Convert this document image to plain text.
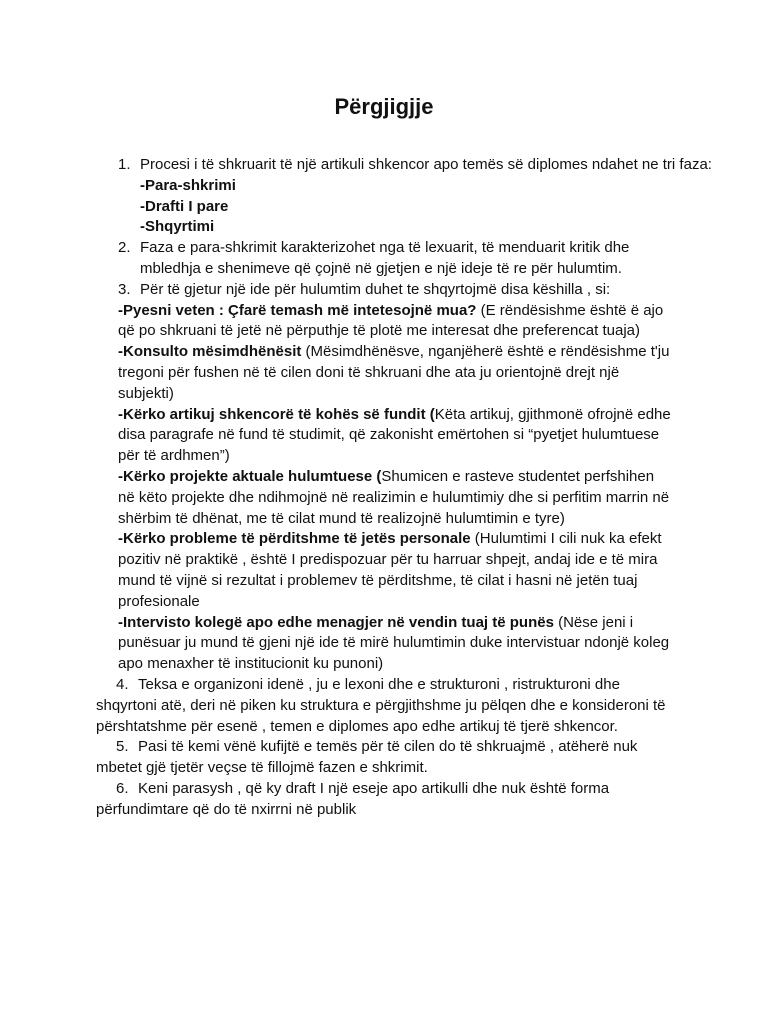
Përgjigjje

1. Procesi i të shkruarit të një artikuli shkencor apo temës së diplomes ndahet ne tri faza:

-Para-shkrimi

-Drafti I pare

-Shqyrtimi

2. Faza e para-shkrimit karakterizohet nga të lexuarit, të menduarit kritik dhe mbledhja e shenimeve që çojnë në gjetjen e një ideje të re për hulumtim.

3. Për të gjetur një ide për hulumtim duhet te shqyrtojmë disa këshilla , si:

-Pyesni veten : Çfarë temash më intetesojnë mua? (E rëndësishme është ë ajo që po shkruani të jetë në përputhje të plotë me interesat dhe preferencat tuaja)

-Konsulto mësimdhënësit (Mësimdhënësve, nganjëherë është e rëndësishme t'ju tregoni për fushen në të cilen doni të shkruani dhe ata ju orientojnë drejt një subjekti)

-Kërko artikuj shkencorë të kohës së fundit (Këta artikuj, gjithmonë ofrojnë edhe disa paragrafe në fund të studimit, që zakonisht emërtohen si “pyetjet hulumtuese për të ardhmen”)

-Kërko projekte aktuale hulumtuese (Shumicen e rasteve studentet perfshihen në këto projekte dhe ndihmojnë në realizimin e hulumtimiy dhe si perfitim marrin në shërbim të dhënat, me të cilat mund të realizojnë hulumtimin e tyre)

-Kërko probleme të përditshme të jetës personale (Hulumtimi I cili nuk ka efekt pozitiv në praktikë , është I predispozuar për tu harruar shpejt, andaj ide e të mira mund të vijnë si rezultat i problemev të përditshme, të cilat i hasni në jetën tuaj profesionale

-Intervisto kolegë apo edhe menagjer në vendin tuaj të punës (Nëse jeni i punësuar ju mund të gjeni një ide të mirë hulumtimin duke intervistuar ndonjë koleg apo menaxher të institucionit ku punoni)

4. Teksa e organizoni idenë , ju e lexoni dhe e strukturoni , ristrukturoni dhe shqyrtoni atë, deri në piken ku struktura e përgjithshme ju pëlqen dhe e konsideroni të përshtatshme për esenë , temen e diplomes apo edhe artikuj të tjerë shkencor.

5. Pasi të kemi vënë kufijtë e temës për të cilen do të shkruajmë , atëherë nuk mbetet gjë tjetër veçse të fillojmë fazen e shkrimit.

6. Keni parasysh , që ky draft I një eseje apo artikulli dhe nuk është forma përfundimtare që do të nxirrni në publik
